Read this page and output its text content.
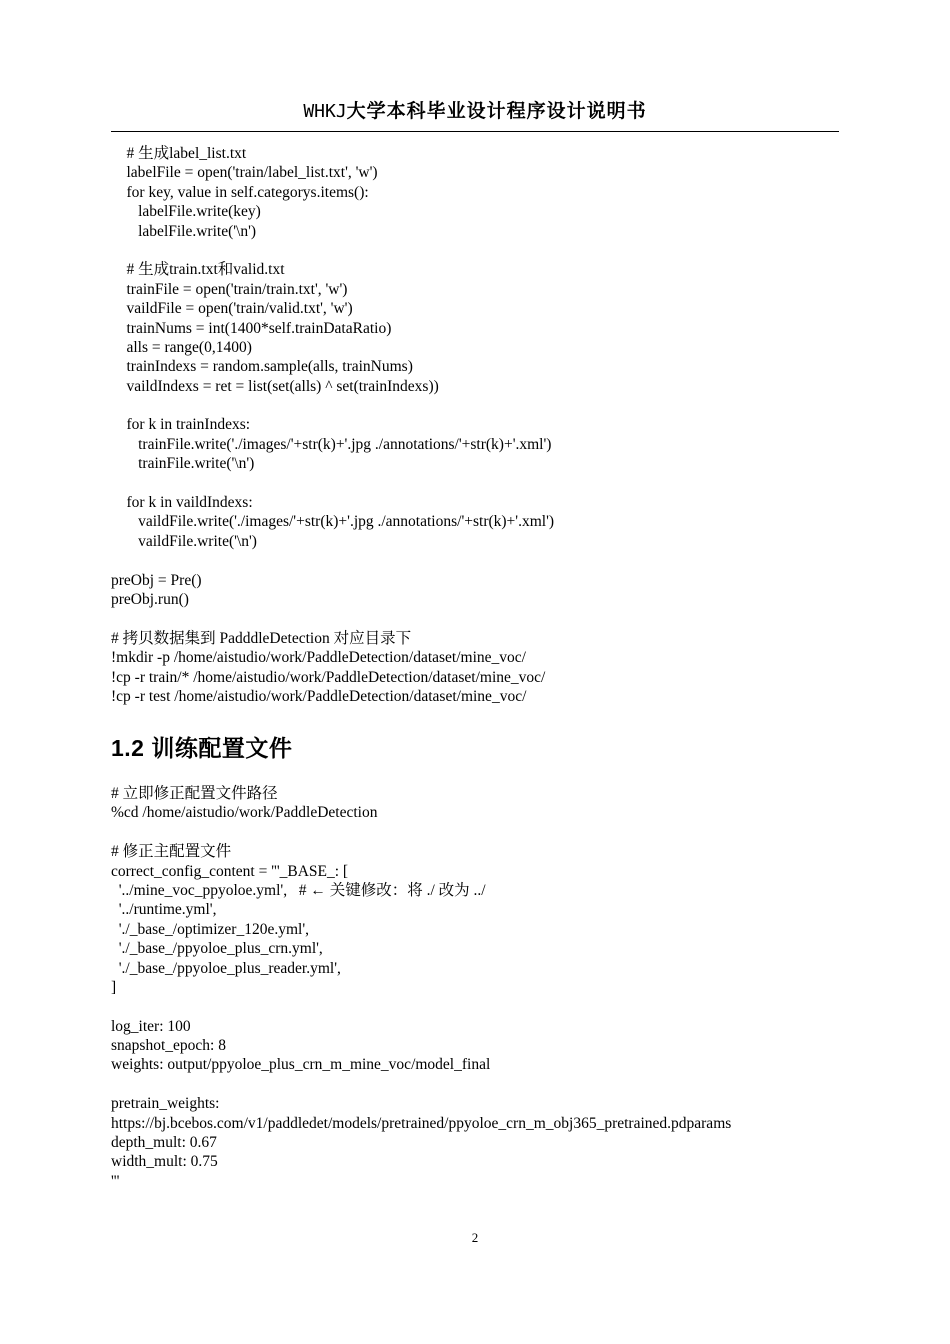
WHKJ大学本科毕业设计程序设计说明书
# 生成label_list.txt
labelFile = open('train/label_list.txt', 'w')
for key, value in self.categorys.items():
labelFile.write(key)
labelFile.write('\n')
# 生成train.txt和valid.txt
trainFile = open('train/train.txt', 'w')
vaildFile = open('train/valid.txt', 'w')
trainNums = int(1400*self.trainDataRatio)
alls = range(0,1400)
trainIndexs = random.sample(alls, trainNums)
vaildIndexs = ret = list(set(alls) ^ set(trainIndexs))
for k in trainIndexs:
trainFile.write('./images/'+str(k)+'.jpg ./annotations/'+str(k)+'.xml')
trainFile.write('\n')
for k in vaildIndexs:
vaildFile.write('./images/'+str(k)+'.jpg ./annotations/'+str(k)+'.xml')
vaildFile.write('\n')
preObj = Pre()
preObj.run()
# 拷贝数据集到 PadddleDetection 对应目录下
!mkdir -p /home/aistudio/work/PaddleDetection/dataset/mine_voc/
!cp -r train/* /home/aistudio/work/PaddleDetection/dataset/mine_voc/
!cp -r test /home/aistudio/work/PaddleDetection/dataset/mine_voc/
1.2 训练配置文件
# 立即修正配置文件路径
%cd /home/aistudio/work/PaddleDetection
# 修正主配置文件
correct_config_content = '''_BASE_: [
'../mine_voc_ppyoloe.yml',   # ← 关键修改：将 ./ 改为 ../
'../runtime.yml',
'./_base_/optimizer_120e.yml',
'./_base_/ppyoloe_plus_crn.yml',
'./_base_/ppyoloe_plus_reader.yml',
]
log_iter: 100
snapshot_epoch: 8
weights: output/ppyoloe_plus_crn_m_mine_voc/model_final
pretrain_weights:
https://bj.bcebos.com/v1/paddledet/models/pretrained/ppyoloe_crn_m_obj365_pretrained.pdparams
depth_mult: 0.67
width_mult: 0.75
'''
2
